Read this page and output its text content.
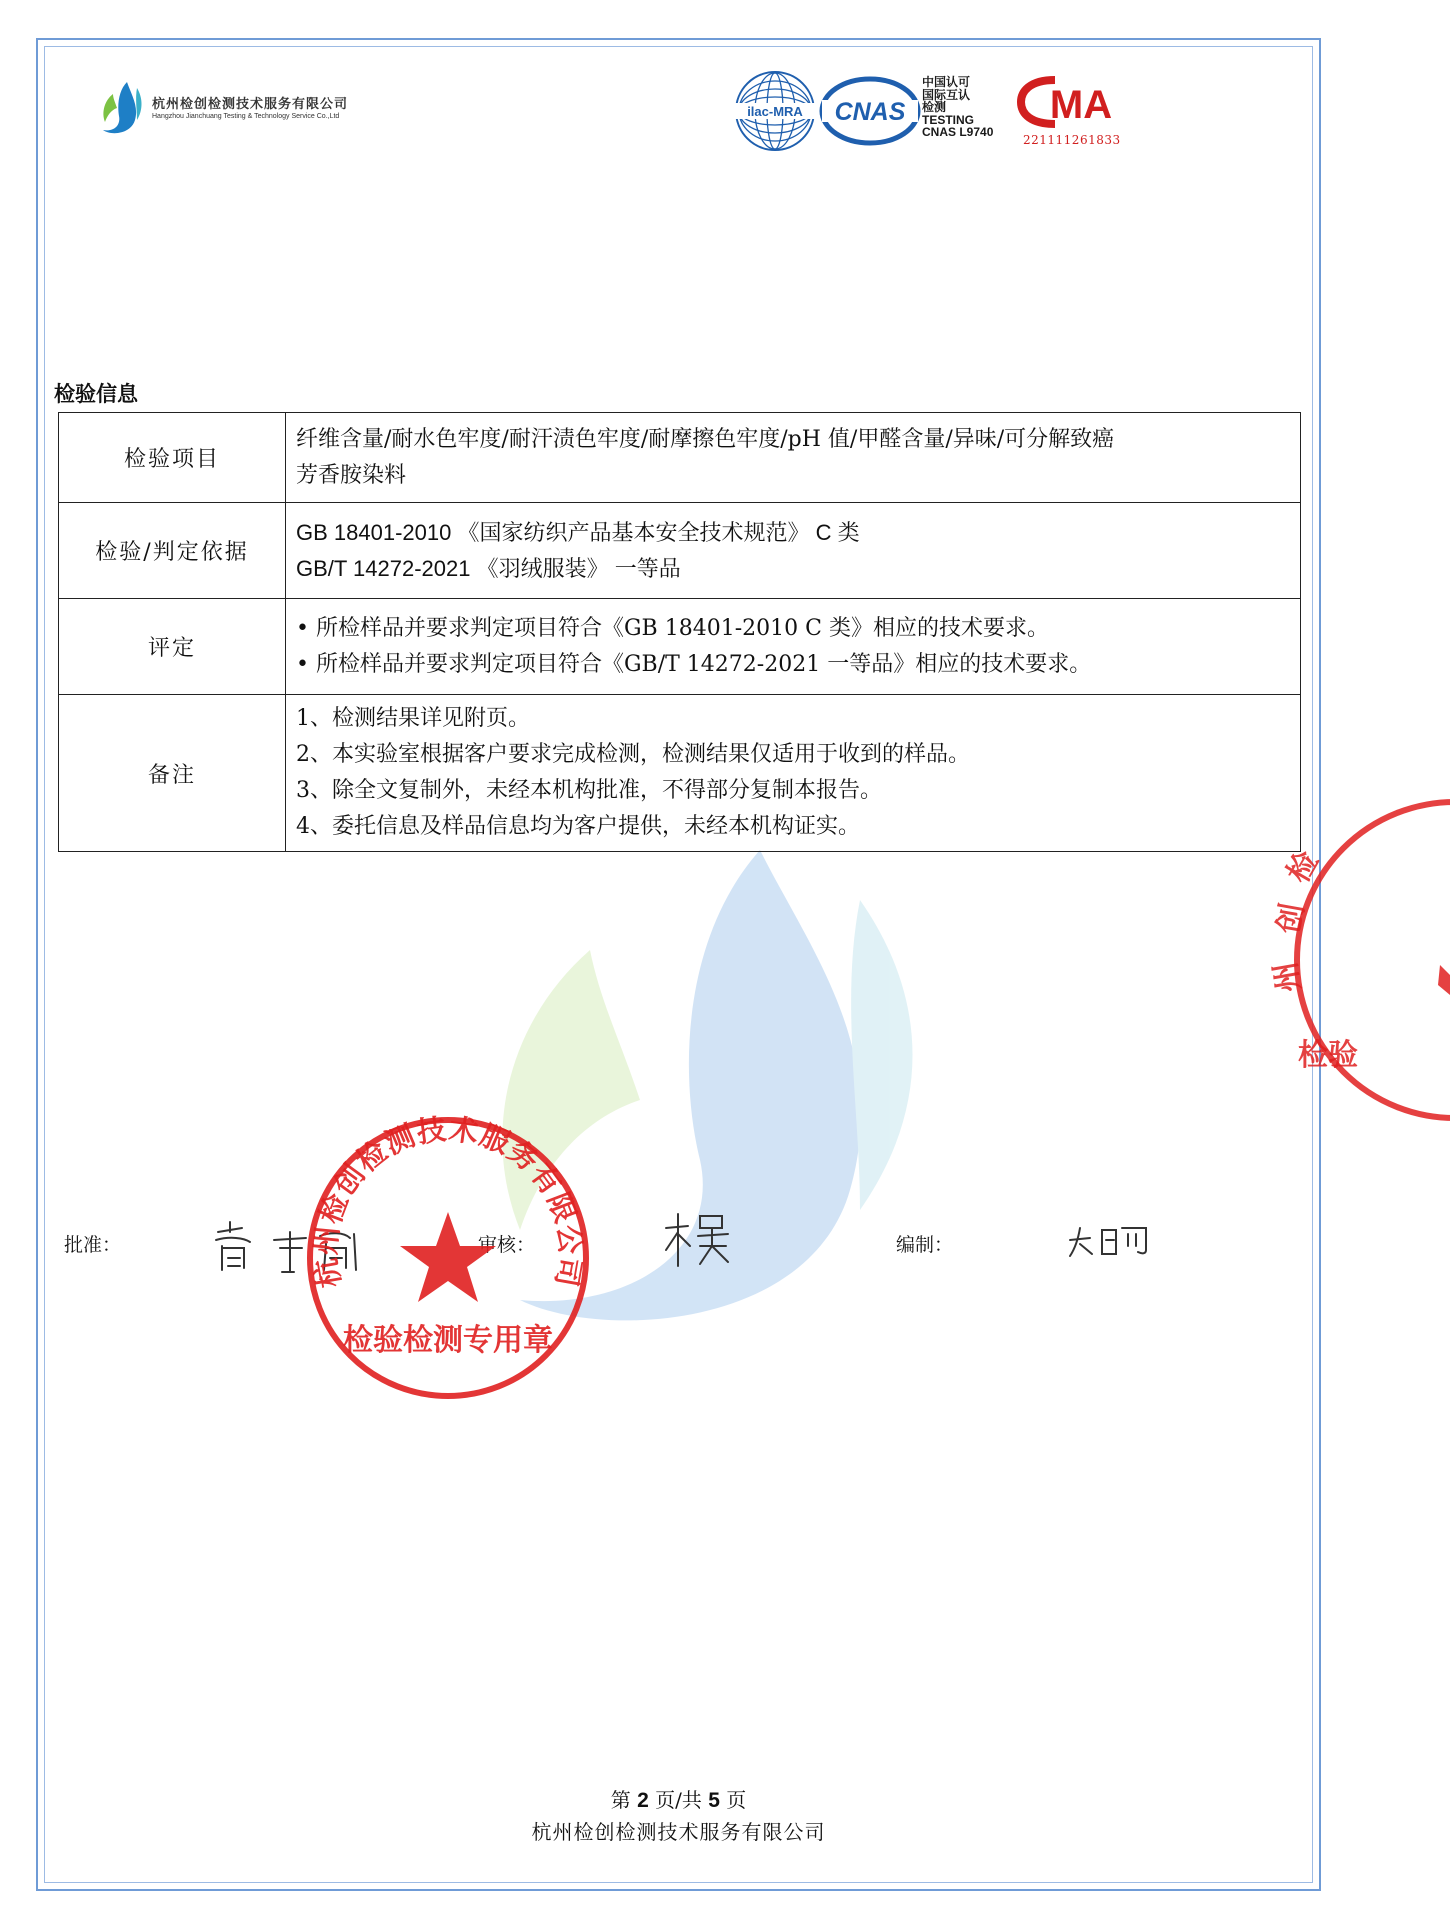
杭州检创检测技术服务有限公司
Hangzhou Jianchuang Testing & Technology Service Co.,Ltd	ilac-MRA CNAS
中国认可
国际互认
检测
TESTING
CNAS L9740
MA
221111261833
检验信息
检验项目	纤维含量/耐水色牢度/耐汗渍色牢度/耐摩擦色牢度/pH 值/甲醛含量/异味/可分解致癌
芳香胺染料

检验/判定依据	GB 18401-2010 《国家纺织产品基本安全技术规范》 C 类
GB/T 14272-2021 《羽绒服装》 一等品

评定	• 所检样品并要求判定项目符合《GB 18401-2010 C 类》相应的技术要求。
• 所检样品并要求判定项目符合《GB/T 14272-2021 一等品》相应的技术要求。

备注	1、检测结果详见附页。
2、本实验室根据客户要求完成检测，检测结果仅适用于收到的样品。
3、除全文复制外，未经本机构批准，不得部分复制本报告。
4、委托信息及样品信息均为客户提供，未经本机构证实。
批准：	审核：	编制：
杭州检创检测技术服务有限公司
检验检测专用章
检
创
州
检验
第 2 页/共 5 页
杭州检创检测技术服务有限公司
